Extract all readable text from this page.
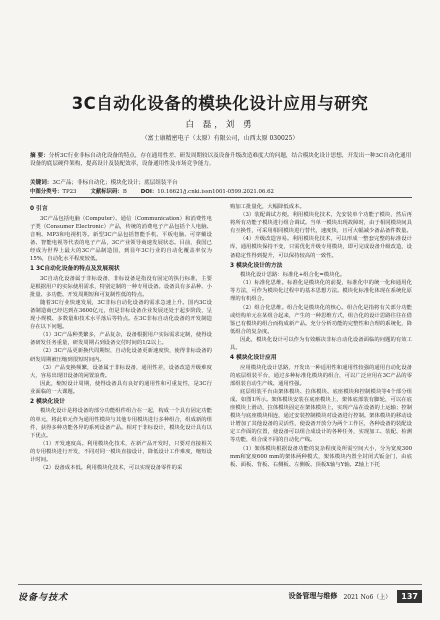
3C自动化设备的模块化设计应用与研究
白 磊，刘 勇
（富士康精密电子（太原）有限公司，山西太原 030025）
摘 要：分析3C行业非标自动化设备的特点，存在通用性差、研发周期较以及设备升级改造难度大的问题，结合模块化设计思想，开发出一种3C自动化通用设备的底层硬件架构，提高设计及装配效率，设备通用性及市场竞争能力。
关键词：3C产品；非标自动化；模块化设计；底层组装平台
中图分类号：TP23	文献标识码：B	DOI：10.16621/j.cnki.issn1001-0599.2021.06.62
0 引言

3C产品包括电脑（Computer）、通信（Communication）和消费性电子类（Consumer Electronic）产品，传统的消费电子产品包括个人电脑、音响、MP3和电视机等。新型3C产品包括智能手机、平板电脑、可穿戴设备、智能电视等代表的电子产品，3C产业领导商速发展状态。目前，我国已经成为世界上最大的3C产品制造国，到显年3C行业的自动化覆盖率仅为15%，自动化水平程度较低。

1 3C自动化设备的特点及发展现状

3C自动化设备属于非标设备，非标设备是指没有固定的执行标准，主要是根据用户的实际使用需求，特别定制的一种专用设备。设备具有多品种、小批量、多功能、开发周期短和可复制性低的特点。

随着3C行业快速发展，3C非标自动化设备的需求急速上升。国内3C设备制造商已经达到在3600亿元，但是非标设备企业发展还处于起步阶段，呈现小规模、多数量和技术水平落后等特点。在3C非标自动化设备的开发制造存在以下问题。

（1）3C产品种类繁多，产品复杂，设备根据用户实际需求定制，使得设备研发任务重量，研发周期占到设备交付时间的1/2以上。

（2）3C产品更新换代周期短，自动化设备更新速度快，使得非标设备的研发周期被压缩到很短时间内。

（3）产品变换频繁，设备属于非标设备，通用性差，设备改造升级难度大，容易出现旧设备的闲置浪费。

因此，缩短设计周期，使得设备具有良好的通用性和可重复性，是3C行业面临的一大课题。

2 模块化设计

模块化设计是将设备的部分功能组件组合在一起，构成一个具有固定功能的单元，将此单元作为通用性模块与其他专用模块进行多种组合，组成新的组件，获得多种功能各异的系列设备产品。相对于非标设计，模块化设计具有以下优点。

（1）开发速度高。利用模块化技术，在新产品开发时，只要对直接相关的专用模块进行开发，不同对同一模块直接设计，降低设计工作难度，缩短设计时间。

（2）设备成本低。利用模块化技术，可以实现设备零件的采

购加工批量化，大幅降低成本。

（3）装配调试方便。利用模块化技术，先安装单个功能子模块，然后再将所有功能子模块进行组合调试。当单一模块出现故障时，由于相同模块间具有互换性，可采用相同模块进行替代，速度快，且可大幅减少备品备件数量。

（4）升级改造容易。利用模块化技术，可以形成一整套完整的标准设计库，通用模块保持不变，只需优化升级专用模块，即可完成设备升级改造，设备稳定性得到提升，可以保持较高的一致性。

3 模块化设计的方法

模块化设计思路：标准化+组合化=模块化。

（1）标准化思维。标准化是模块化的前提，标准化中的统一化和通用化等方法，可作为模块化过程中的基本思想方法。模块化标准化体现在系统化原理的有机组合。

（2）组合化思维。组合化是模块化的核心。组合化是指将有关部分功能或结构单元在某组合起来，产生的一种思维方式，组合化的设计思路往往在借鉴已有模块的组合而构成新产品。充分分析功能的完整性和合理的系统化，降低组合的复杂度。

因此，模块化设计可以作为有效解决非标自动化设备面临的问题的有效工具。

4 模块化设计应用

应用模块化设计思路，开发出一种适用性和通用性较强的通用自动化设备的底层组装平台，通过多种标准化模块的组合，可以广泛应用在3C产品的零部组装自动生产线、通用性强。

底层组装平台由架体模块、拉体模块、底座模块和控制模块等4个部分组成。如图1所示。架体模块安装在底座模块上，架体底部装有脚轮，可以在底座模块上滑动，拉体模块固定在架体模块上，实现产品在设备的上运输；控制模块与底座模块相连，通过安装控制模块对设备进行控制。架体模块的移动设计增加了其他设备的灵活性，使设备开放分为两个工作区，各种设备的装配设定工作面的位置，使设备可以组合成设计的各种任务，实现加工、装配、检测等功能，组合成不同的自动化产线。

（1）架体模块根据设备功能的复杂程度及所需空间大小，分为宽度300 mm和宽度600 mm的架体两种模式，架体模块内置全封闭式钣金门，由底板、面板、背板、右侧板、左侧板、顶板X轴与Y轴、Z轴上下托

设备与技术	设备管理与维修 2021 No6（上）	137
